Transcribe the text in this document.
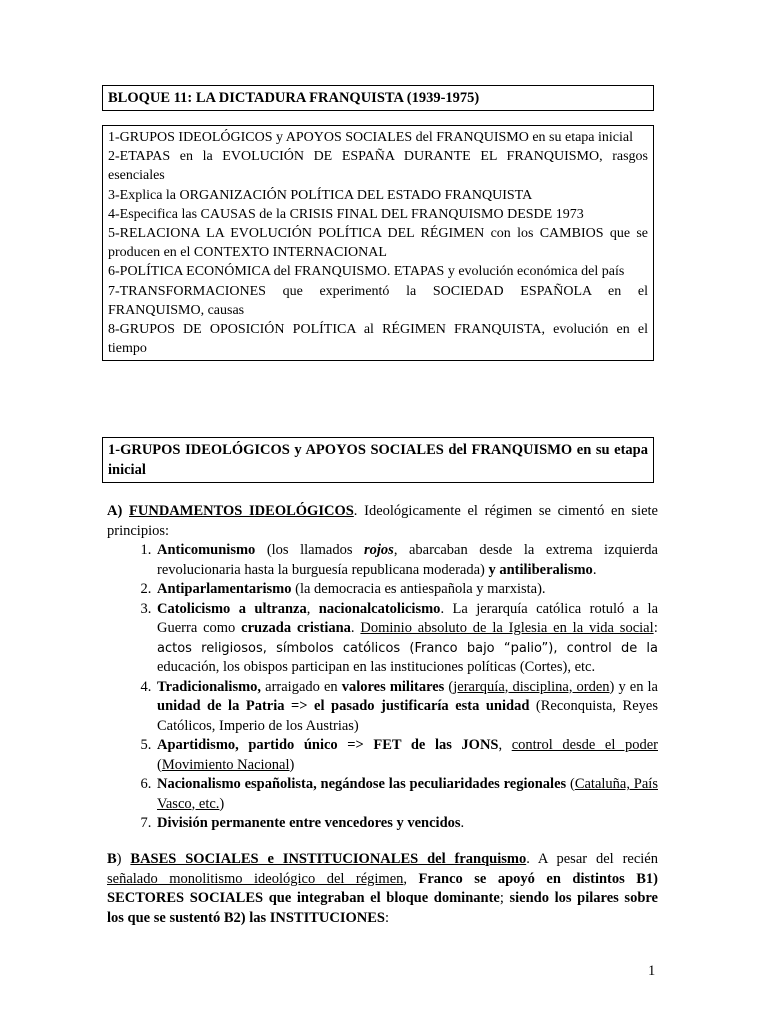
BLOQUE 11: LA DICTADURA FRANQUISTA (1939-1975)
1-GRUPOS IDEOLÓGICOS y APOYOS SOCIALES del FRANQUISMO en su etapa inicial
2-ETAPAS en la EVOLUCIÓN DE ESPAÑA DURANTE EL FRANQUISMO, rasgos esenciales
3-Explica la ORGANIZACIÓN POLÍTICA DEL ESTADO FRANQUISTA
4-Especifica las CAUSAS de la CRISIS FINAL DEL FRANQUISMO DESDE 1973
5-RELACIONA LA EVOLUCIÓN POLÍTICA DEL RÉGIMEN con los CAMBIOS que se producen en el CONTEXTO INTERNACIONAL
6-POLÍTICA ECONÓMICA del FRANQUISMO. ETAPAS y evolución económica del país
7-TRANSFORMACIONES que experimentó la SOCIEDAD ESPAÑOLA en el FRANQUISMO, causas
8-GRUPOS DE OPOSICIÓN POLÍTICA al RÉGIMEN FRANQUISTA, evolución en el tiempo
1-GRUPOS IDEOLÓGICOS y APOYOS SOCIALES del FRANQUISMO en su etapa inicial
A) FUNDAMENTOS IDEOLÓGICOS. Ideológicamente el régimen se cimentó en siete principios:
1. Anticomunismo (los llamados rojos, abarcaban desde la extrema izquierda revolucionaria hasta la burguesía republicana moderada) y antiliberalismo.
2. Antiparlamentarismo (la democracia es antiespañola y marxista).
3. Catolicismo a ultranza, nacionalcatolicismo. La jerarquía católica rotuló a la Guerra como cruzada cristiana. Dominio absoluto de la Iglesia en la vida social: actos religiosos, símbolos católicos (Franco bajo “palio”), control de la educación, los obispos participan en las instituciones políticas (Cortes), etc.
4. Tradicionalismo, arraigado en valores militares (jerarquía, disciplina, orden) y en la unidad de la Patria => el pasado justificaría esta unidad (Reconquista, Reyes Católicos, Imperio de los Austrias)
5. Apartidismo, partido único => FET de las JONS, control desde el poder (Movimiento Nacional)
6. Nacionalismo españolista, negándose las peculiaridades regionales (Cataluña, País Vasco, etc.)
7. División permanente entre vencedores y vencidos.
B) BASES SOCIALES e INSTITUCIONALES del franquismo. A pesar del recién señalado monolitismo ideológico del régimen, Franco se apoyó en distintos B1) SECTORES SOCIALES que integraban el bloque dominante; siendo los pilares sobre los que se sustentó B2) las INSTITUCIONES:
1
